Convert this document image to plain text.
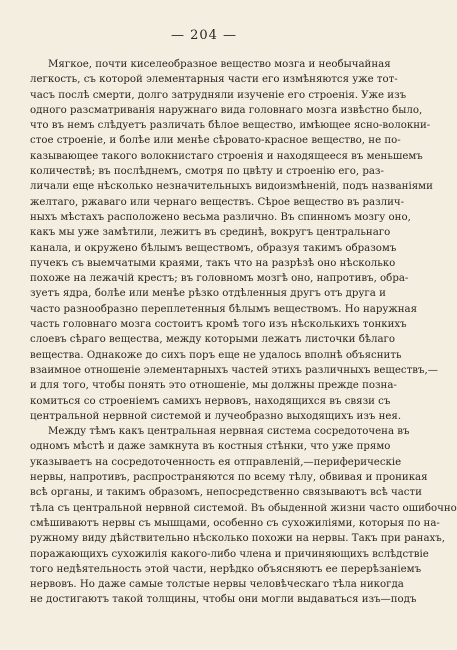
— 204 —
Мягкое, почти киселеобразное вещество мозга и необычайная
легкость, съ которой элементарныя части его измѣняются уже тот-
часъ послѣ смерти, долго затрудняли изученіе его строенія. Уже изъ
одного разсматриванія наружнаго вида головнаго мозга извѣстно было,
что въ немъ слѣдуетъ различать бѣлое вещество, имѣющее ясно-волокни-
стое строеніе, и болѣе или менѣе сѣровато-красное вещество, не по-
казывающее такого волокнистаго строенія и находящееся въ меньшемъ
количествѣ; въ послѣднемъ, смотря по цвѣту и строенію его, раз-
личали еще нѣсколько незначительныхъ видоизмѣненій, подъ названіями
желтаго, ржаваго или чернаго веществъ. Сѣрое вещество въ различ-
ныхъ мѣстахъ расположено весьма различно. Въ спинномъ мозгу оно,
какъ мы уже замѣтили, лежитъ въ срединѣ, вокругъ центральнаго
канала, и окружено бѣлымъ веществомъ, образуя такимъ образомъ
пучекъ съ выемчатыми краями, такъ что на разрѣзѣ оно нѣсколько
похоже на лежачій крестъ; въ головномъ мозгѣ оно, напротивъ, обра-
зуетъ ядра, болѣе или менѣе рѣзко отдѣленныя другъ отъ друга и
часто разнообразно переплетенныя бѣлымъ веществомъ. Но наружная
часть головнаго мозга состоитъ кромѣ того изъ нѣсколькихъ тонкихъ
слоевъ сѣраго вещества, между которыми лежатъ листочки бѣлаго
вещества. Однакоже до сихъ поръ еще не удалось вполнѣ объяснить
взаимное отношеніе элементарныхъ частей этихъ различныхъ веществъ,—
и для того, чтобы понять это отношеніе, мы должны прежде позна-
комиться со строеніемъ самихъ нервовъ, находящихся въ связи съ
центральной нервной системой и лучеобразно выходящихъ изъ нея.
Между тѣмъ какъ центральная нервная система сосредоточена въ
одномъ мѣстѣ и даже замкнута въ костныя стѣнки, что уже прямо
указываетъ на сосредоточенность ея отправленій,—периферическіе
нервы, напротивъ, распространяются по всему тѣлу, обвивая и проникая
всѣ органы, и такимъ образомъ, непосредственно связываютъ всѣ части
тѣла съ центральной нервной системой. Въ обыденной жизни часто ошибочно
смѣшиваютъ нервы съ мышцами, особенно съ сухожиліями, которыя по на-
ружному виду дѣйствительно нѣсколько похожи на нервы. Такъ при ранахъ,
поражающихъ сухожилія какого-либо члена и причиняющихъ вслѣдствіе
того недѣятельность этой части, нерѣдко объясняютъ ее перерѣзаніемъ
нервовъ. Но даже самые толстые нервы человѣческаго тѣла никогда
не достигаютъ такой толщины, чтобы они могли выдаваться изъ—подъ
